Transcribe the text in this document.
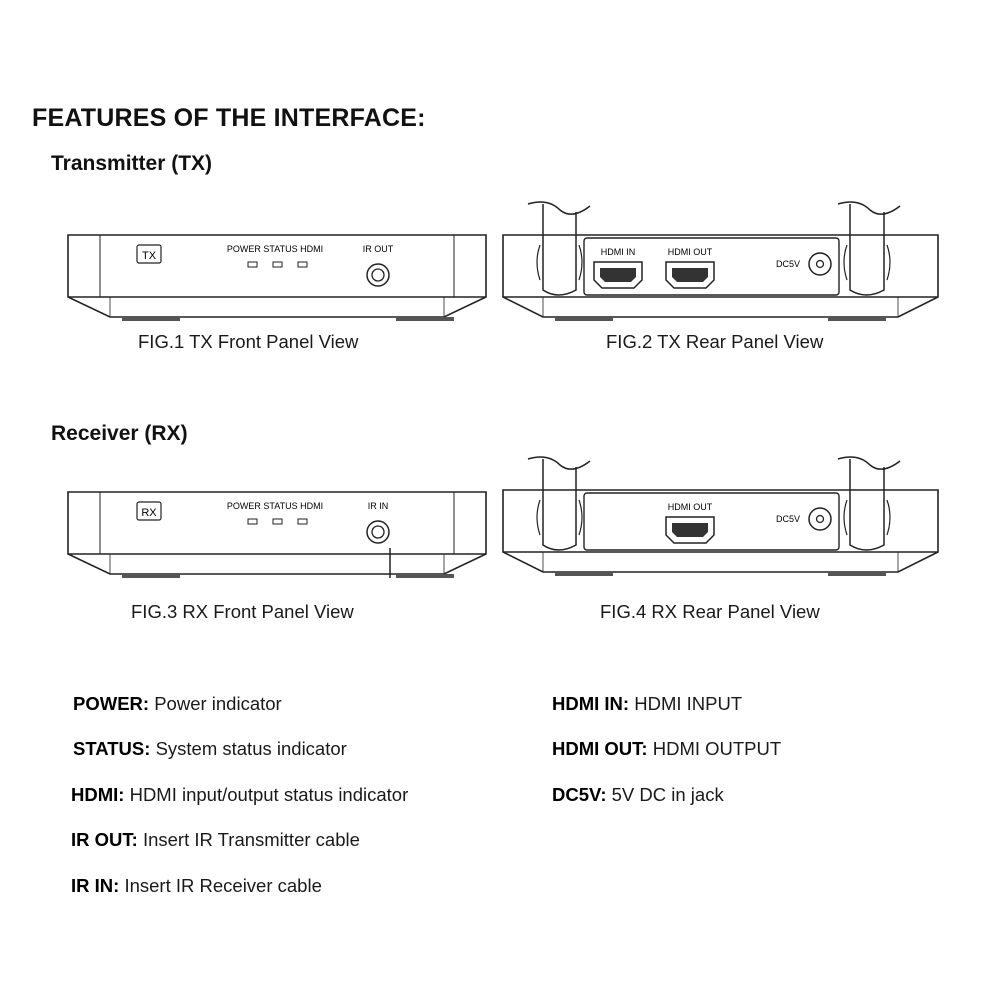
FEATURES OF THE INTERFACE:
Transmitter (TX)
Receiver (RX)
TX
POWER STATUS HDMI	IR OUT
FIG.1 TX Front Panel View
HDMI IN	HDMI OUT
DC5V
FIG.2 TX Rear Panel View
RX
POWER STATUS HDMI	IR IN
FIG.3 RX Front Panel View
HDMI OUT
DC5V
FIG.4 RX Rear Panel View
POWER: Power indicator
STATUS: System status indicator
HDMI: HDMI input/output status indicator
IR OUT: Insert IR Transmitter cable
IR IN: Insert IR Receiver cable
HDMI IN: HDMI INPUT
HDMI OUT: HDMI OUTPUT
DC5V: 5V DC in jack
